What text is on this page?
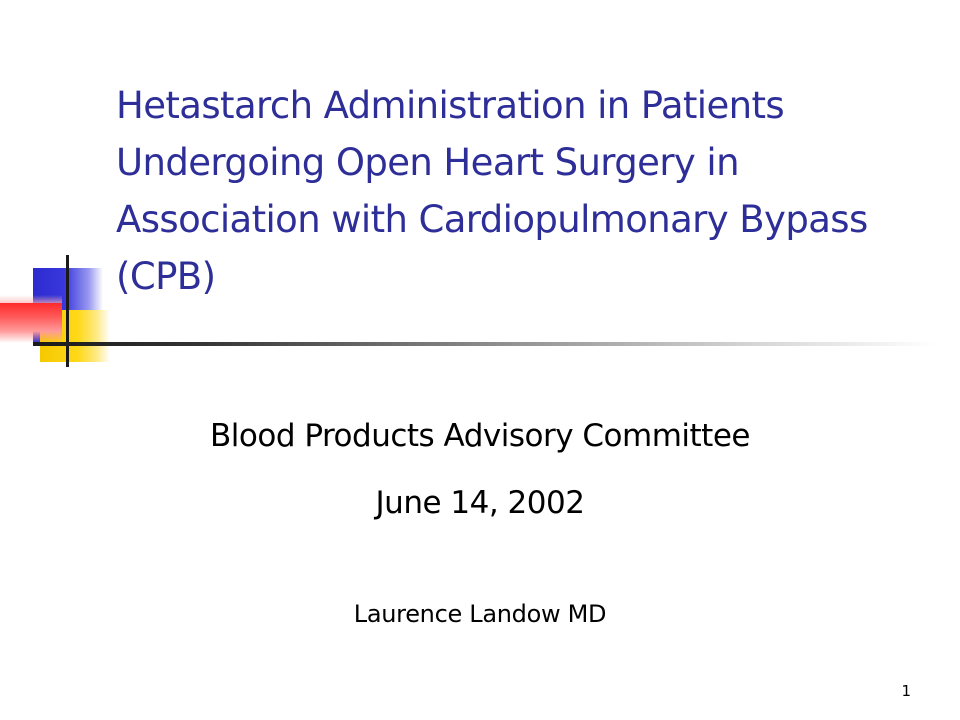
Hetastarch Administration in Patients Undergoing Open Heart Surgery in Association with Cardiopulmonary Bypass (CPB)

Blood Products Advisory Committee

June 14, 2002

Laurence Landow MD

1
